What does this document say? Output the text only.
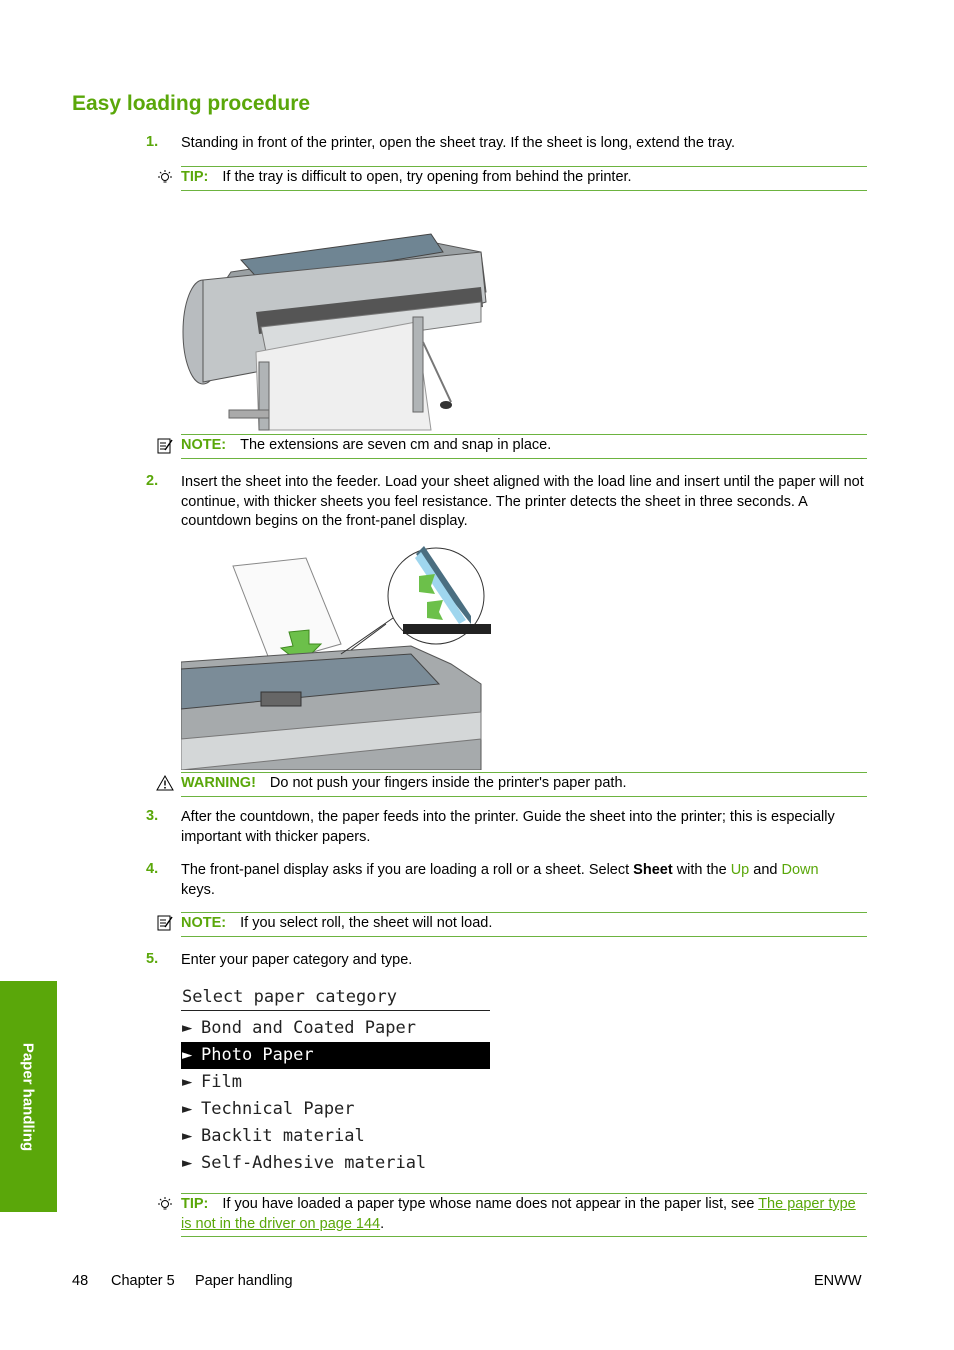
Easy loading procedure
1. Standing in front of the printer, open the sheet tray. If the sheet is long, extend the tray.
TIP: If the tray is difficult to open, try opening from behind the printer.
NOTE: The extensions are seven cm and snap in place.
2. Insert the sheet into the feeder. Load your sheet aligned with the load line and insert until the paper will not continue, with thicker sheets you feel resistance. The printer detects the sheet in three seconds. A countdown begins on the front-panel display.
WARNING! Do not push your fingers inside the printer's paper path.
3. After the countdown, the paper feeds into the printer. Guide the sheet into the printer; this is especially important with thicker papers.
4. The front-panel display asks if you are loading a roll or a sheet. Select Sheet with the Up and Down keys.
NOTE: If you select roll, the sheet will not load.
5. Enter your paper category and type.
Select paper category
► Bond and Coated Paper
► Photo Paper
► Film
► Technical Paper
► Backlit material
► Self-Adhesive material
TIP: If you have loaded a paper type whose name does not appear in the paper list, see The paper type is not in the driver on page 144.
Paper handling
48 Chapter 5 Paper handling	ENWW
